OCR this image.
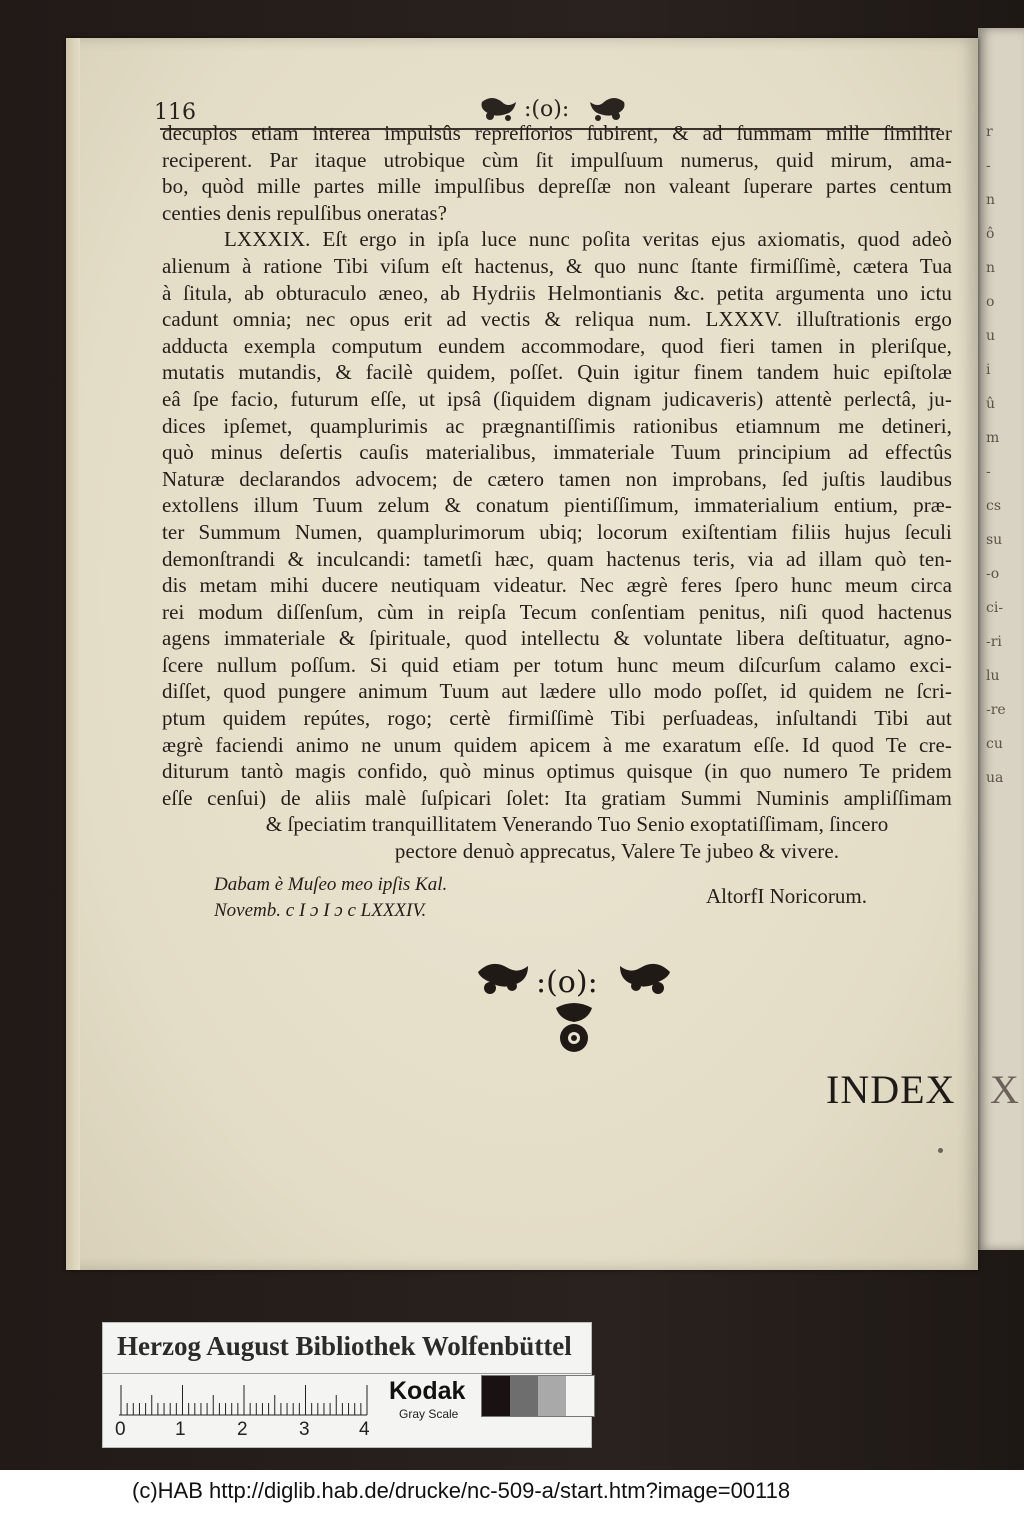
r
-
n
ô
n
o
u
i
û
m
-
cs
su
-o
ci-
-ri
lu
-re
cu
ua
116	:(o):
decuplos etiam interea impulsûs repreſſorios ſubirent, & ad ſummam mille ſimiliter
reciperent. Par itaque utrobique cùm ſit impulſuum numerus, quid mirum, ama-
bo, quòd mille partes mille impulſibus depreſſæ non valeant ſuperare partes centum
centies denis repulſibus oneratas?
LXXXIX. Eſt ergo in ipſa luce nunc poſita veritas ejus axiomatis, quod adeò
alienum à ratione Tibi viſum eſt hactenus, & quo nunc ſtante firmiſſimè, cætera Tua
à ſitula, ab obturaculo æneo, ab Hydriis Helmontianis &c. petita argumenta uno ictu
cadunt omnia; nec opus erit ad vectis & reliqua num. LXXXV. illuſtrationis ergo
adducta exempla computum eundem accommodare, quod fieri tamen in pleriſque,
mutatis mutandis, & facilè quidem, poſſet. Quin igitur finem tandem huic epiſtolæ
eâ ſpe facio, futurum eſſe, ut ipsâ (ſiquidem dignam judicaveris) attentè perlectâ, ju-
dices ipſemet, quamplurimis ac prægnantiſſimis rationibus etiamnum me detineri,
quò minus deſertis cauſis materialibus, immateriale Tuum principium ad effectûs
Naturæ declarandos advocem; de cætero tamen non improbans, ſed juſtis laudibus
extollens illum Tuum zelum & conatum pientiſſimum, immaterialium entium, præ-
ter Summum Numen, quamplurimorum ubiq; locorum exiſtentiam filiis hujus ſeculi
demonſtrandi & inculcandi: tametſi hæc, quam hactenus teris, via ad illam quò ten-
dis metam mihi ducere neutiquam videatur. Nec ægrè feres ſpero hunc meum circa
rei modum diſſenſum, cùm in reipſa Tecum conſentiam penitus, niſi quod hactenus
agens immateriale & ſpirituale, quod intellectu & voluntate libera deſtituatur, agno-
ſcere nullum poſſum. Si quid etiam per totum hunc meum diſcurſum calamo exci-
diſſet, quod pungere animum Tuum aut lædere ullo modo poſſet, id quidem ne ſcri-
ptum quidem repútes, rogo; certè firmiſſimè Tibi perſuadeas, inſultandi Tibi aut
ægrè faciendi animo ne unum quidem apicem à me exaratum eſſe. Id quod Te cre-
diturum tantò magis confido, quò minus optimus quisque (in quo numero Te pridem
eſſe cenſui) de aliis malè ſuſpicari ſolet: Ita gratiam Summi Numinis ampliſſimam
& ſpeciatim tranquillitatem Venerando Tuo Senio exoptatiſſimam, ſincero
pectore denuò apprecatus, Valere Te jubeo & vivere.
Dabam è Muſeo meo ipſis Kal.
Novemb. c I ɔ I ɔ c LXXXIV.
AltorfI Noricorum.
:(o):
INDEX X
Herzog August Bibliothek Wolfenbüttel
0	1	2	3	4
Kodak
Gray Scale
(c)HAB http://diglib.hab.de/drucke/nc-509-a/start.htm?image=00118
